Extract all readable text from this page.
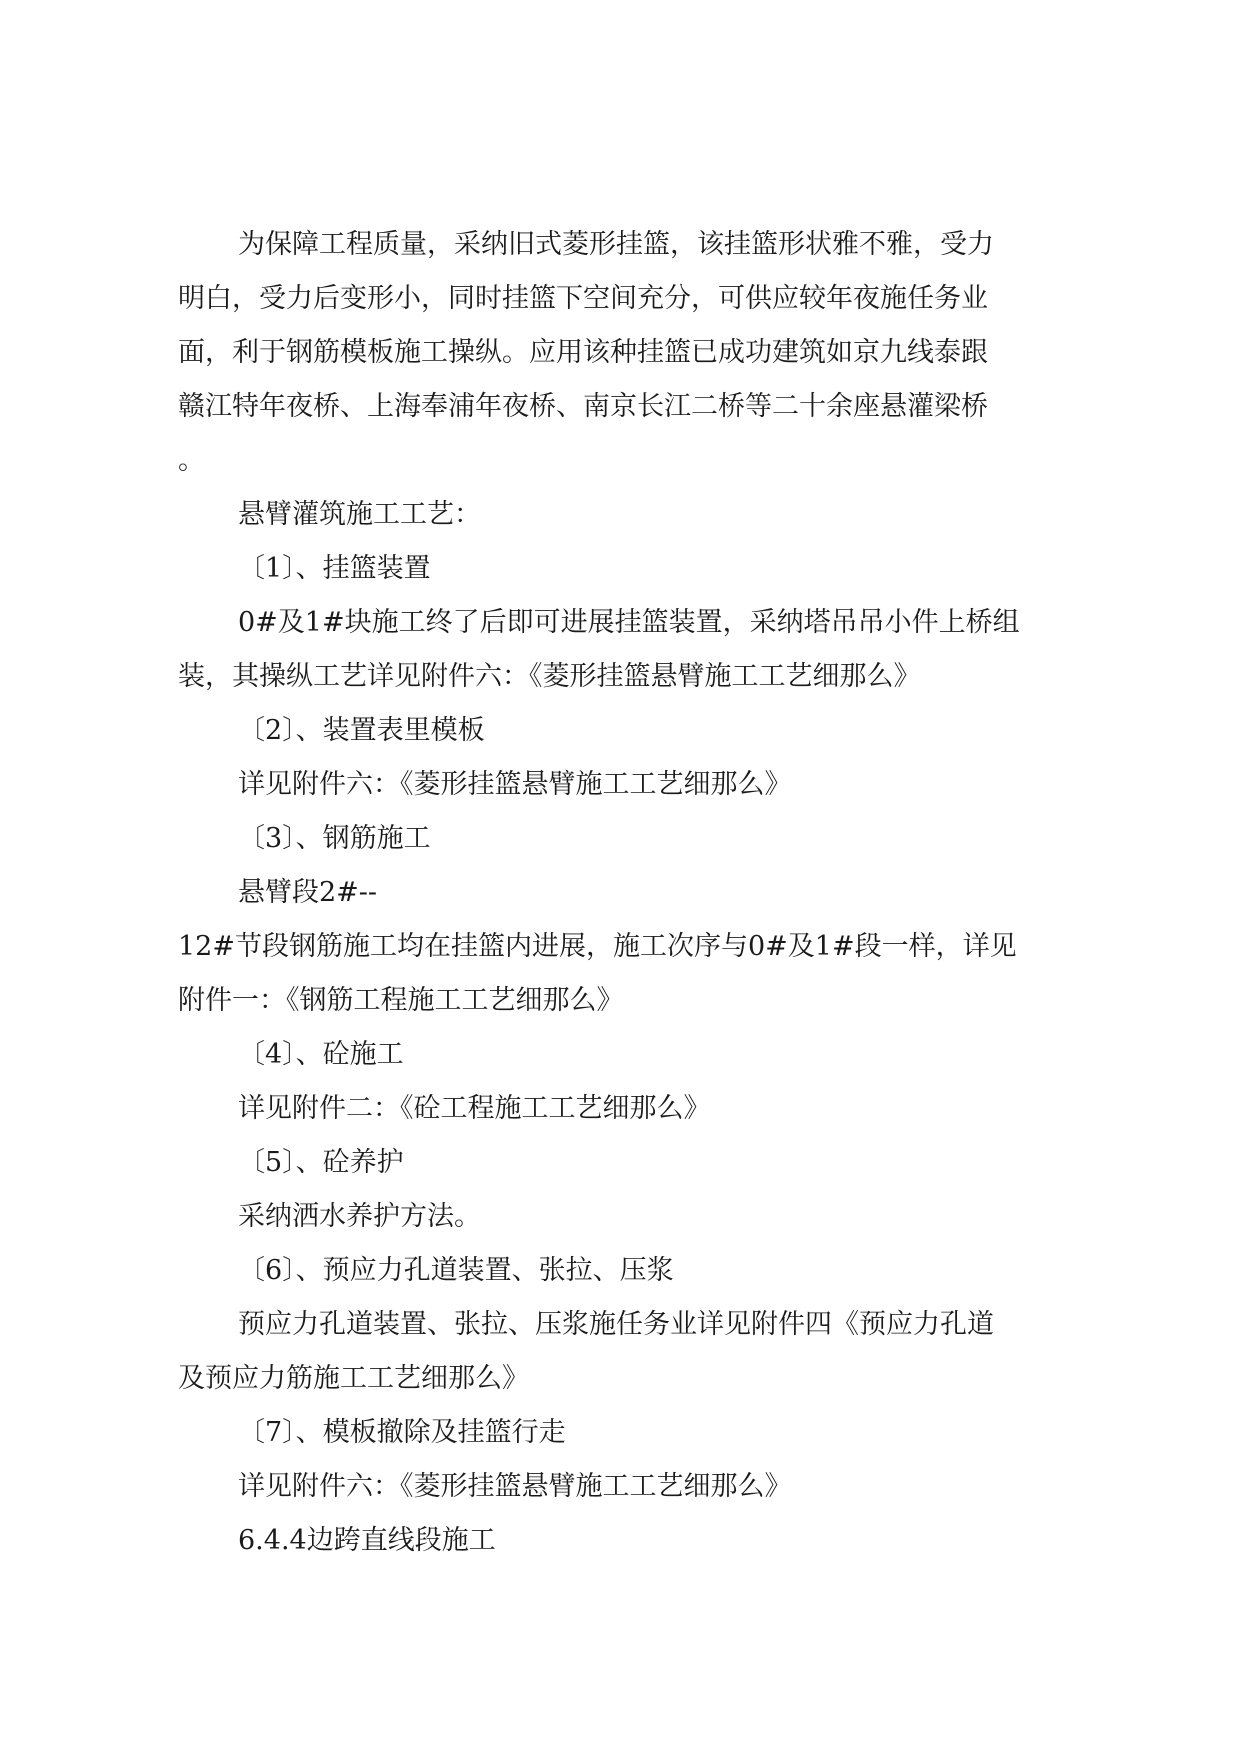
为保障工程质量，采纳旧式菱形挂篮，该挂篮形状雅不雅，受力
明白，受力后变形小，同时挂篮下空间充分，可供应较年夜施任务业
面，利于钢筋模板施工操纵。应用该种挂篮已成功建筑如京九线泰跟
赣江特年夜桥、上海奉浦年夜桥、南京长江二桥等二十余座悬灌梁桥
。
悬臂灌筑施工工艺：
〔1〕、挂篮装置
0#及1#块施工终了后即可进展挂篮装置，采纳塔吊吊小件上桥组
装，其操纵工艺详见附件六：《菱形挂篮悬臂施工工艺细那么》
〔2〕、装置表里模板
详见附件六：《菱形挂篮悬臂施工工艺细那么》
〔3〕、钢筋施工
悬臂段2#--
12#节段钢筋施工均在挂篮内进展，施工次序与0#及1#段一样，详见
附件一：《钢筋工程施工工艺细那么》
〔4〕、砼施工
详见附件二：《砼工程施工工艺细那么》
〔5〕、砼养护
采纳洒水养护方法。
〔6〕、预应力孔道装置、张拉、压浆
预应力孔道装置、张拉、压浆施任务业详见附件四《预应力孔道
及预应力筋施工工艺细那么》
〔7〕、模板撤除及挂篮行走
详见附件六：《菱形挂篮悬臂施工工艺细那么》
6.4.4边跨直线段施工
